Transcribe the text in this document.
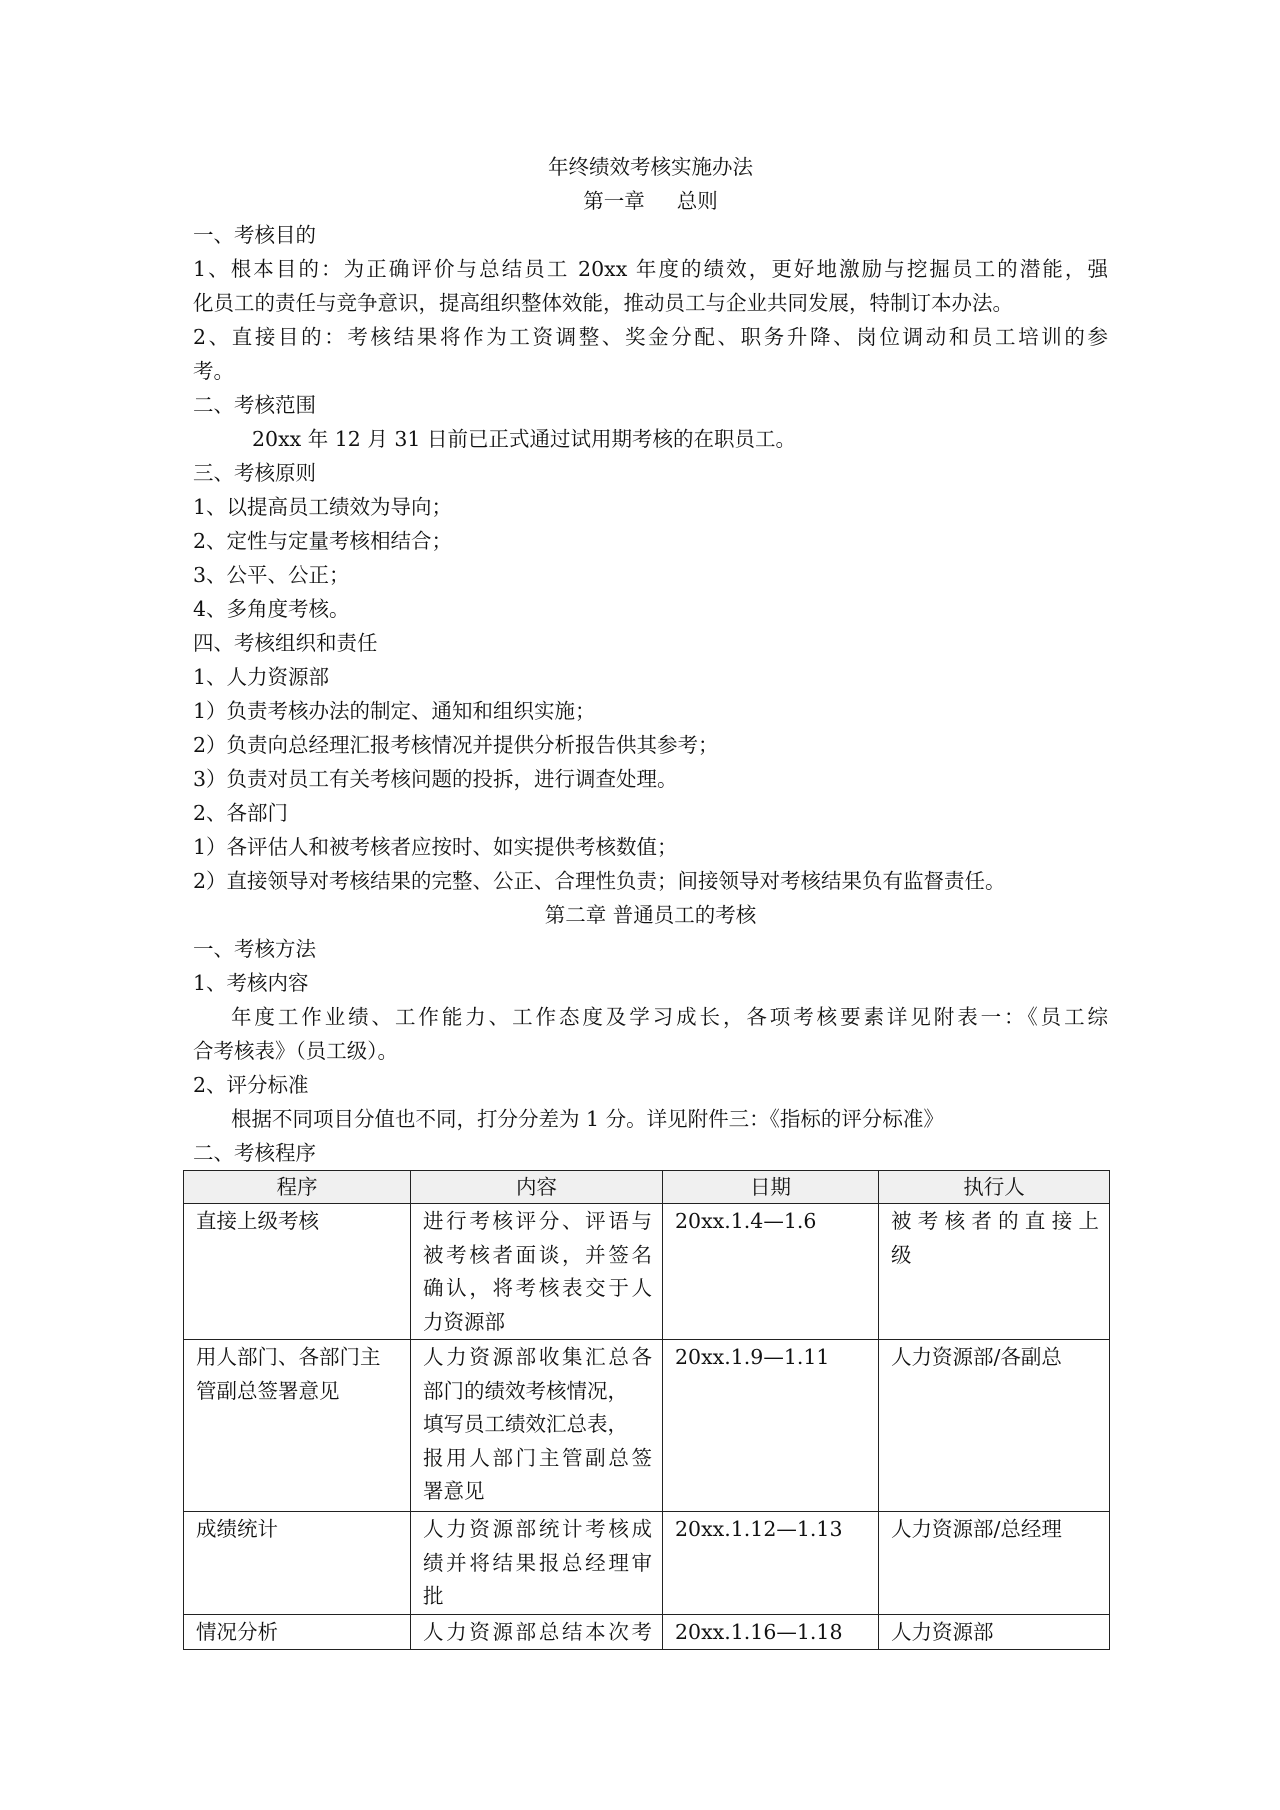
年终绩效考核实施办法
第一章 总则
一、考核目的
1、根本目的：为正确评价与总结员工 20xx 年度的绩效，更好地激励与挖掘员工的潜能，强
化员工的责任与竞争意识，提高组织整体效能，推动员工与企业共同发展，特制订本办法。
2、直接目的：考核结果将作为工资调整、奖金分配、职务升降、岗位调动和员工培训的参
考。
二、考核范围
20xx 年 12 月 31 日前已正式通过试用期考核的在职员工。
三、考核原则
1、以提高员工绩效为导向；
2、定性与定量考核相结合；
3、公平、公正；
4、多角度考核。
四、考核组织和责任
1、人力资源部
1）负责考核办法的制定、通知和组织实施；
2）负责向总经理汇报考核情况并提供分析报告供其参考；
3）负责对员工有关考核问题的投拆，进行调查处理。
2、各部门
1）各评估人和被考核者应按时、如实提供考核数值；
2）直接领导对考核结果的完整、公正、合理性负责；间接领导对考核结果负有监督责任。
第二章 普通员工的考核
一、考核方法
1、考核内容
年度工作业绩、工作能力、工作态度及学习成长，各项考核要素详见附表一：《员工综
合考核表》（员工级）。
2、评分标准
根据不同项目分值也不同，打分分差为 1 分。详见附件三：《指标的评分标准》
二、考核程序
程序	内容	日期	执行人

直接上级考核	进行考核评分、评语与
被考核者面谈，并签名
确认，将考核表交于人
力资源部	20xx.1.4—1.6	被考核者的直接上
级

用人部门、各部门主
管副总签署意见	人力资源部收集汇总各
部门的绩效考核情况，
填写员工绩效汇总表，
报用人部门主管副总签
署意见	20xx.1.9—1.11	人力资源部/各副总

成绩统计	人力资源部统计考核成
绩并将结果报总经理审
批	20xx.1.12—1.13	人力资源部/总经理

情况分析	人力资源部总结本次考	20xx.1.16—1.18	人力资源部
